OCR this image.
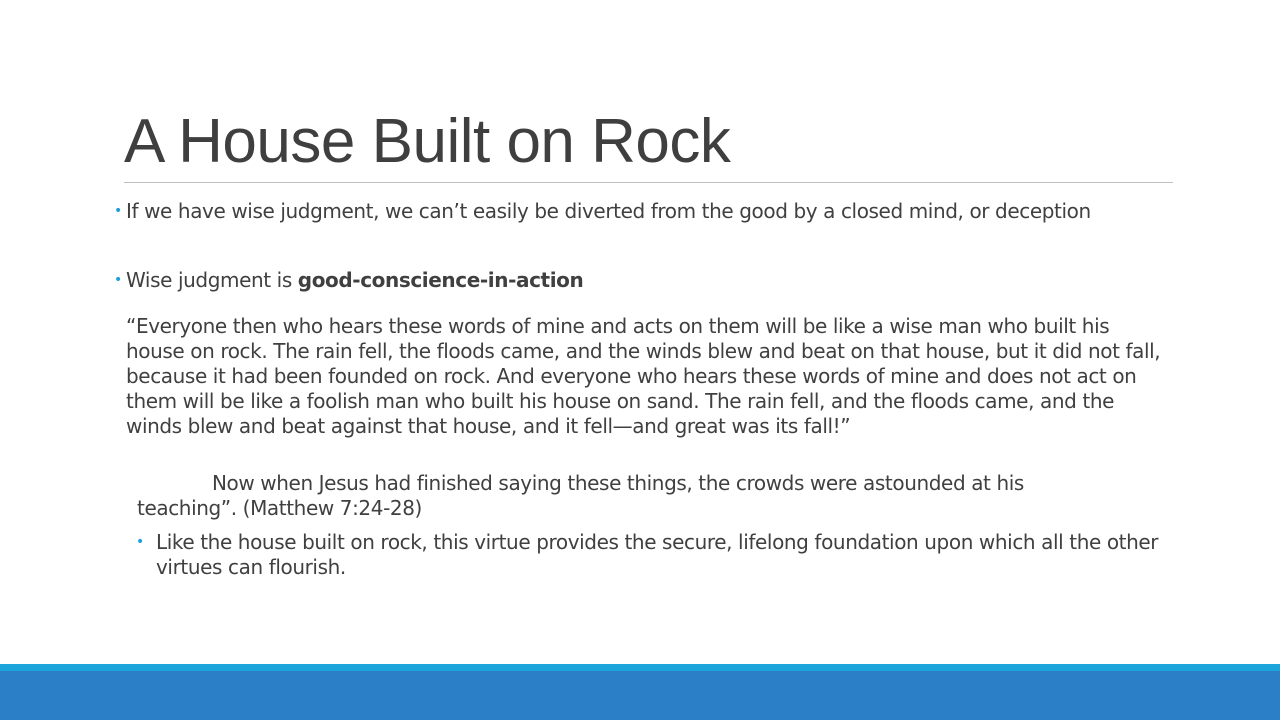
A House Built on Rock
• If we have wise judgment, we can’t easily be diverted from the good by a closed mind, or deception
• Wise judgment is good-conscience-in-action
“Everyone then who hears these words of mine and acts on them will be like a wise man who built his house on rock. The rain fell, the floods came, and the winds blew and beat on that house, but it did not fall, because it had been founded on rock. And everyone who hears these words of mine and does not act on them will be like a foolish man who built his house on sand. The rain fell, and the floods came, and the winds blew and beat against that house, and it fell—and great was its fall!”
Now when Jesus had finished saying these things, the crowds were astounded at his
teaching”. (Matthew 7:24-28)
• Like the house built on rock, this virtue provides the secure, lifelong foundation upon which all the other virtues can flourish.
